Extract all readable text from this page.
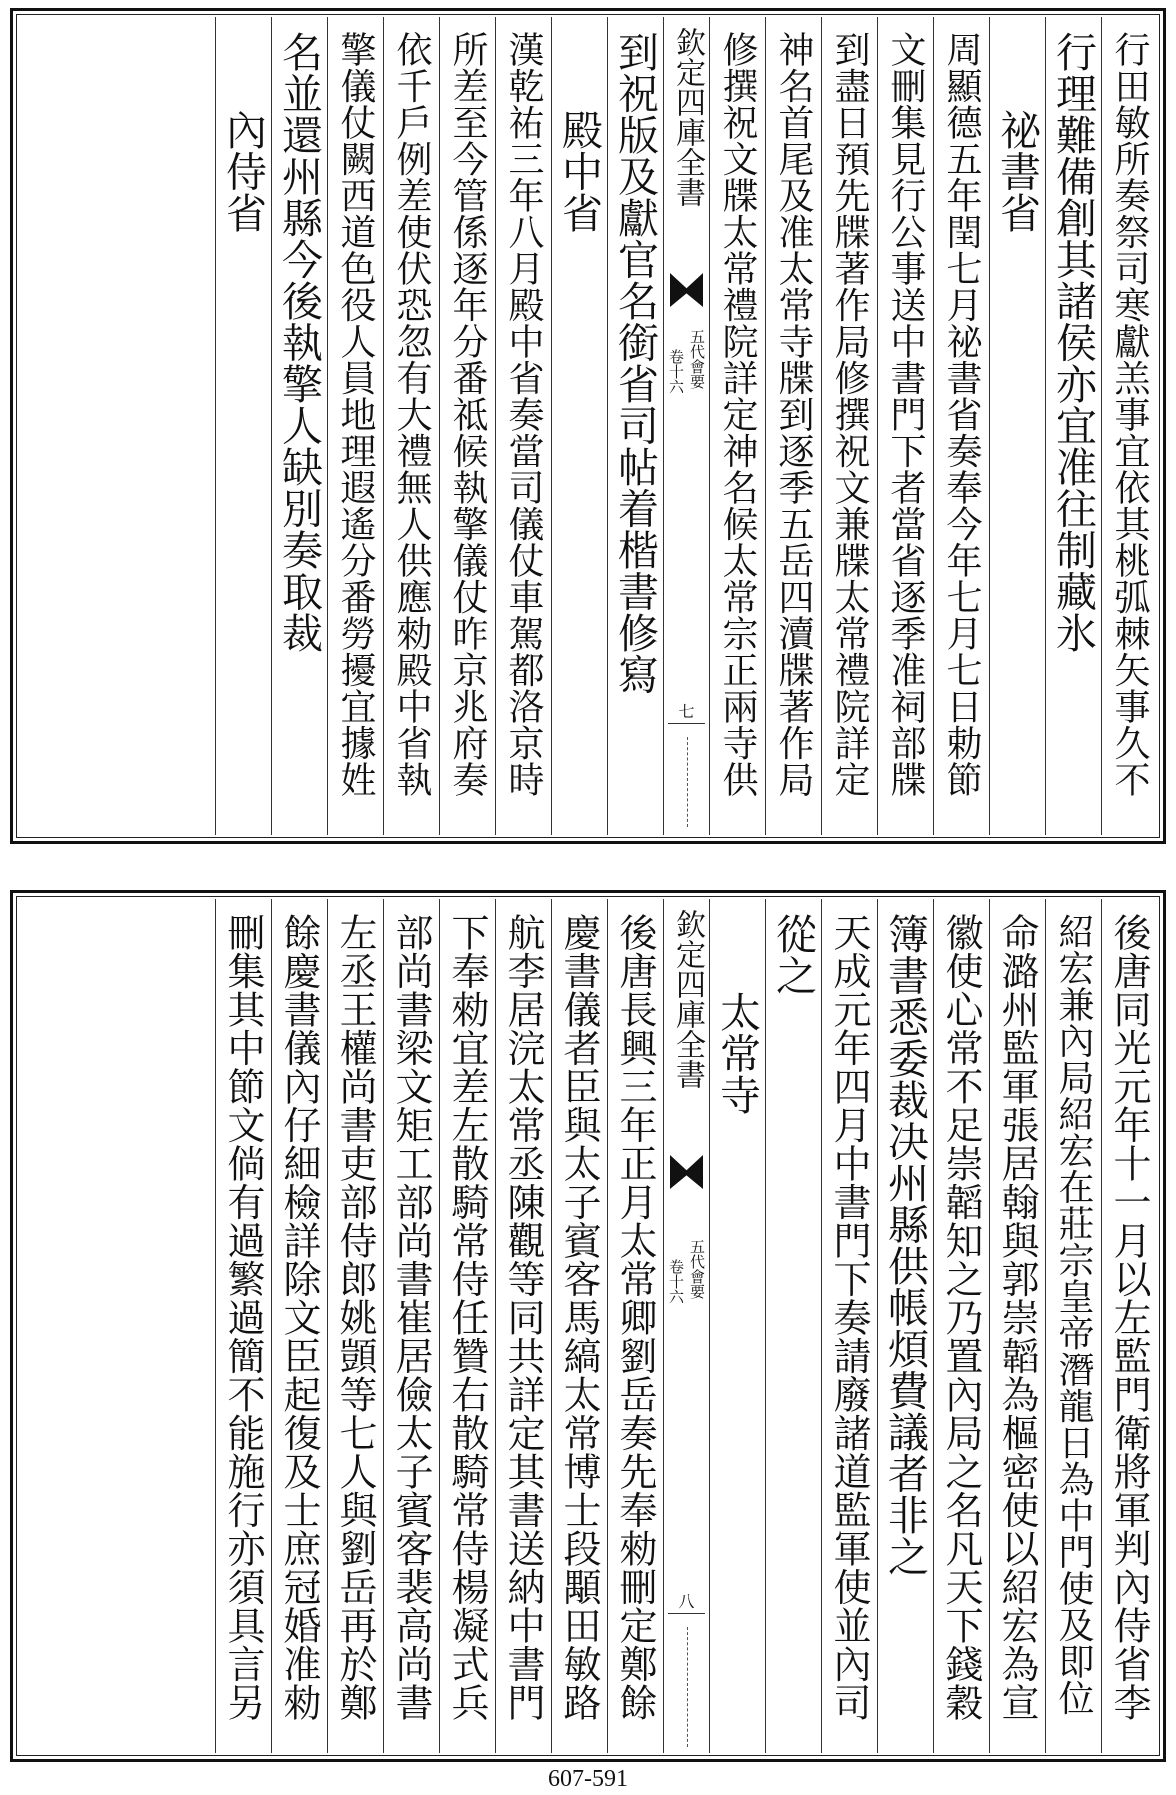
行田敏所奏祭司寒獻羔事宜依其桃弧棘矢事久不
行理難備創其諸侯亦宜准往制藏氷
祕書省
周顯德五年閏七月祕書省奏奉今年七月七日勅節
文刪集見行公事送中書門下者當省逐季准祠部牒
到盡日預先牒著作局修撰祝文兼牒太常禮院詳定
神名首尾及准太常寺牒到逐季五岳四瀆牒著作局
修撰祝文牒太常禮院詳定神名候太常宗正兩寺供
欽定四庫全書
五代會要
卷十六
七
到祝版及獻官名銜省司帖着楷書修寫
殿中省
漢乾祐三年八月殿中省奏當司儀仗車駕都洛京時
所差至今管係逐年分番祗候執擎儀仗昨京兆府奏
依千戶例差使伏恐忽有大禮無人供應勑殿中省執
擎儀仗闕西道色役人員地理遐遙分番勞擾宜據姓
名並還州縣今後執擎人缺別奏取裁
內侍省
後唐同光元年十一月以左監門衛將軍判內侍省李
紹宏兼內局紹宏在莊宗皇帝潛龍日為中門使及即位
命潞州監軍張居翰與郭崇韜為樞密使以紹宏為宣
徽使心常不足崇韜知之乃置內局之名凡天下錢穀
簿書悉委裁决州縣供帳煩費議者非之
天成元年四月中書門下奏請廢諸道監軍使並內司
從之
太常寺
欽定四庫全書
五代會要
卷十六
八
後唐長興三年正月太常卿劉岳奏先奉勑刪定鄭餘
慶書儀者臣與太子賓客馬縞太常博士段顒田敏路
航李居浣太常丞陳觀等同共詳定其書送納中書門
下奉勑宜差左散騎常侍任贊右散騎常侍楊凝式兵
部尚書梁文矩工部尚書崔居儉太子賓客裴高尚書
左丞王權尚書吏部侍郎姚顗等七人與劉岳再於鄭
餘慶書儀內仔細檢詳除文臣起復及士庶冠婚准勑
刪集其中節文倘有過繁過簡不能施行亦須具言另
607-591
